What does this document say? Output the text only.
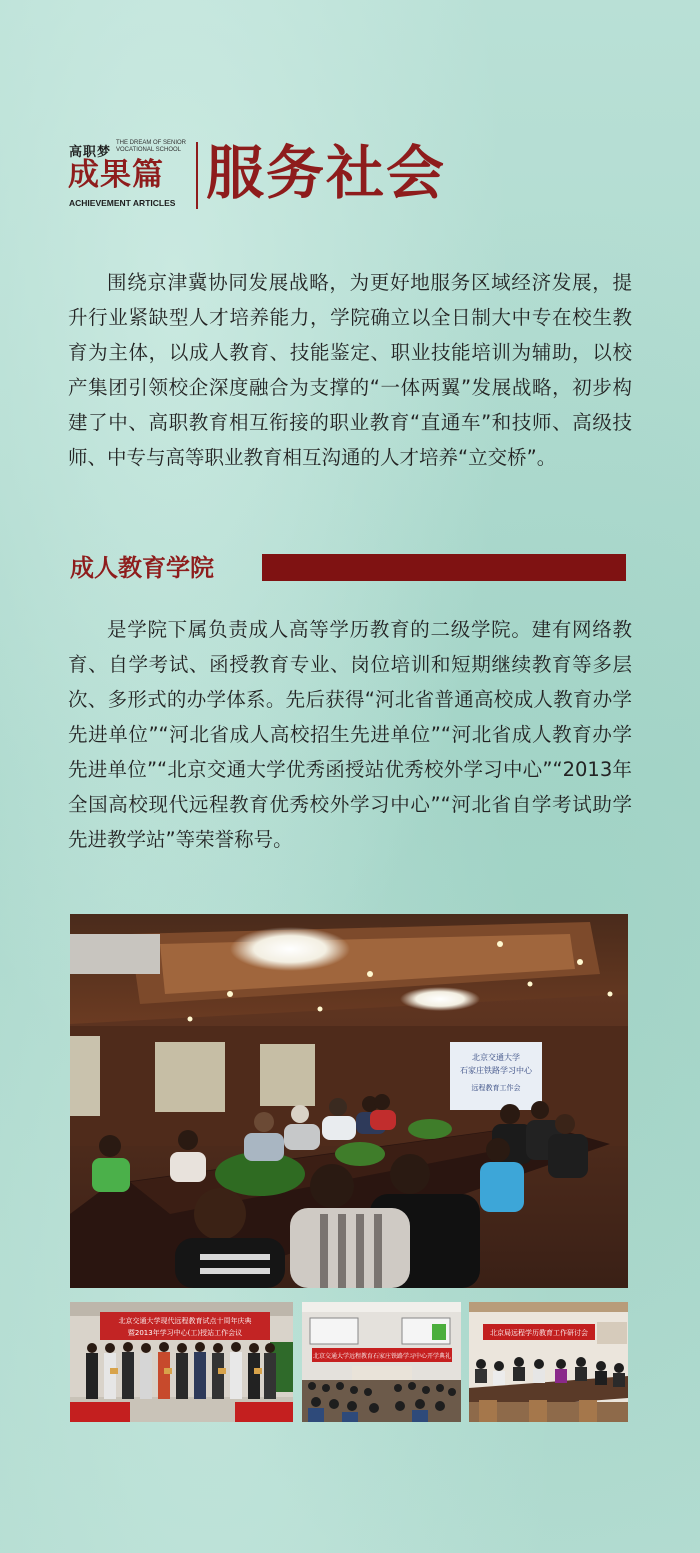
高职梦
THE DREAM OF SENIOR VOCATIONAL SCHOOL
成果篇
ACHIEVEMENT ARTICLES 服务社会

围绕京津冀协同发展战略，为更好地服务区域经济发展，提升行业紧缺型人才培养能力，学院确立以全日制大中专在校生教育为主体，以成人教育、技能鉴定、职业技能培训为辅助，以校产集团引领校企深度融合为支撑的“一体两翼”发展战略，初步构建了中、高职教育相互衔接的职业教育“直通车”和技师、高级技师、中专与高等职业教育相互沟通的人才培养“立交桥”。

成人教育学院

是学院下属负责成人高等学历教育的二级学院。建有网络教育、自学考试、函授教育专业、岗位培训和短期继续教育等多层次、多形式的办学体系。先后获得“河北省普通高校成人教育办学先进单位”“河北省成人高校招生先进单位”“河北省成人教育办学先进单位”“北京交通大学优秀函授站优秀校外学习中心”“2013年全国高校现代远程教育优秀校外学习中心”“河北省自学考试助学先进教学站”等荣誉称号。

北京交通大学
石家庄铁路学习中心
远程教育工作会
北京交通大学现代远程教育试点十周年庆典
暨2013年学习中心(工)授站工作会议
北京交通大学远程教育石家庄铁路学习中心开学典礼
北京局远程学历教育工作研讨会
